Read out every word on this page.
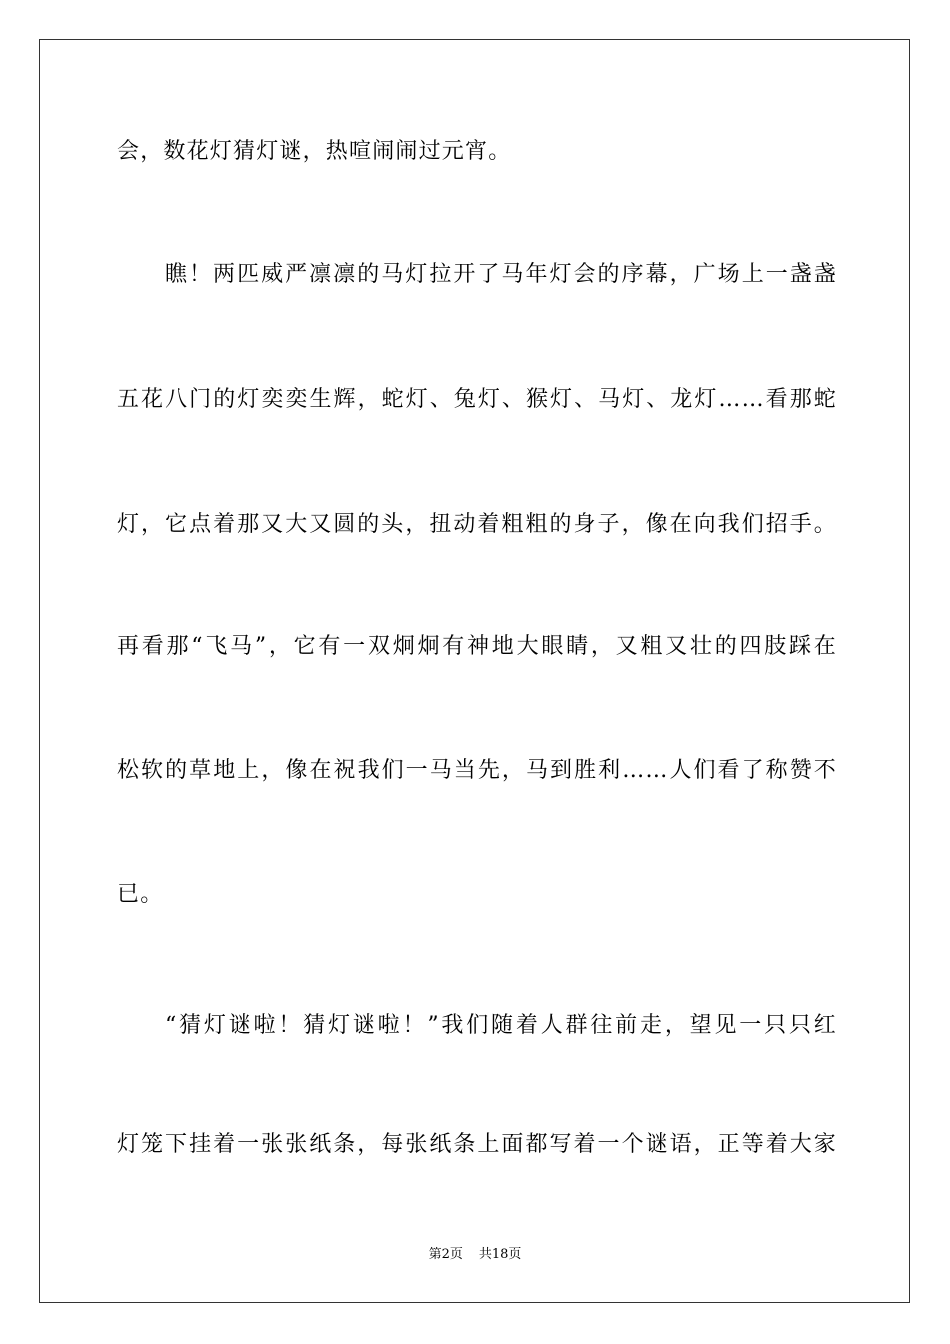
会，数花灯猜灯谜，热喧闹闹过元宵。
瞧！两匹威严凛凛的马灯拉开了马年灯会的序幕，广场上一盏盏
五花八门的灯奕奕生辉，蛇灯、兔灯、猴灯、马灯、龙灯……看那蛇
灯，它点着那又大又圆的头，扭动着粗粗的身子，像在向我们招手。
再看那“飞马”，它有一双炯炯有神地大眼睛，又粗又壮的四肢踩在
松软的草地上，像在祝我们一马当先，马到胜利……人们看了称赞不
已。
“猜灯谜啦！猜灯谜啦！”我们随着人群往前走，望见一只只红
灯笼下挂着一张张纸条，每张纸条上面都写着一个谜语，正等着大家
第2页 共18页
